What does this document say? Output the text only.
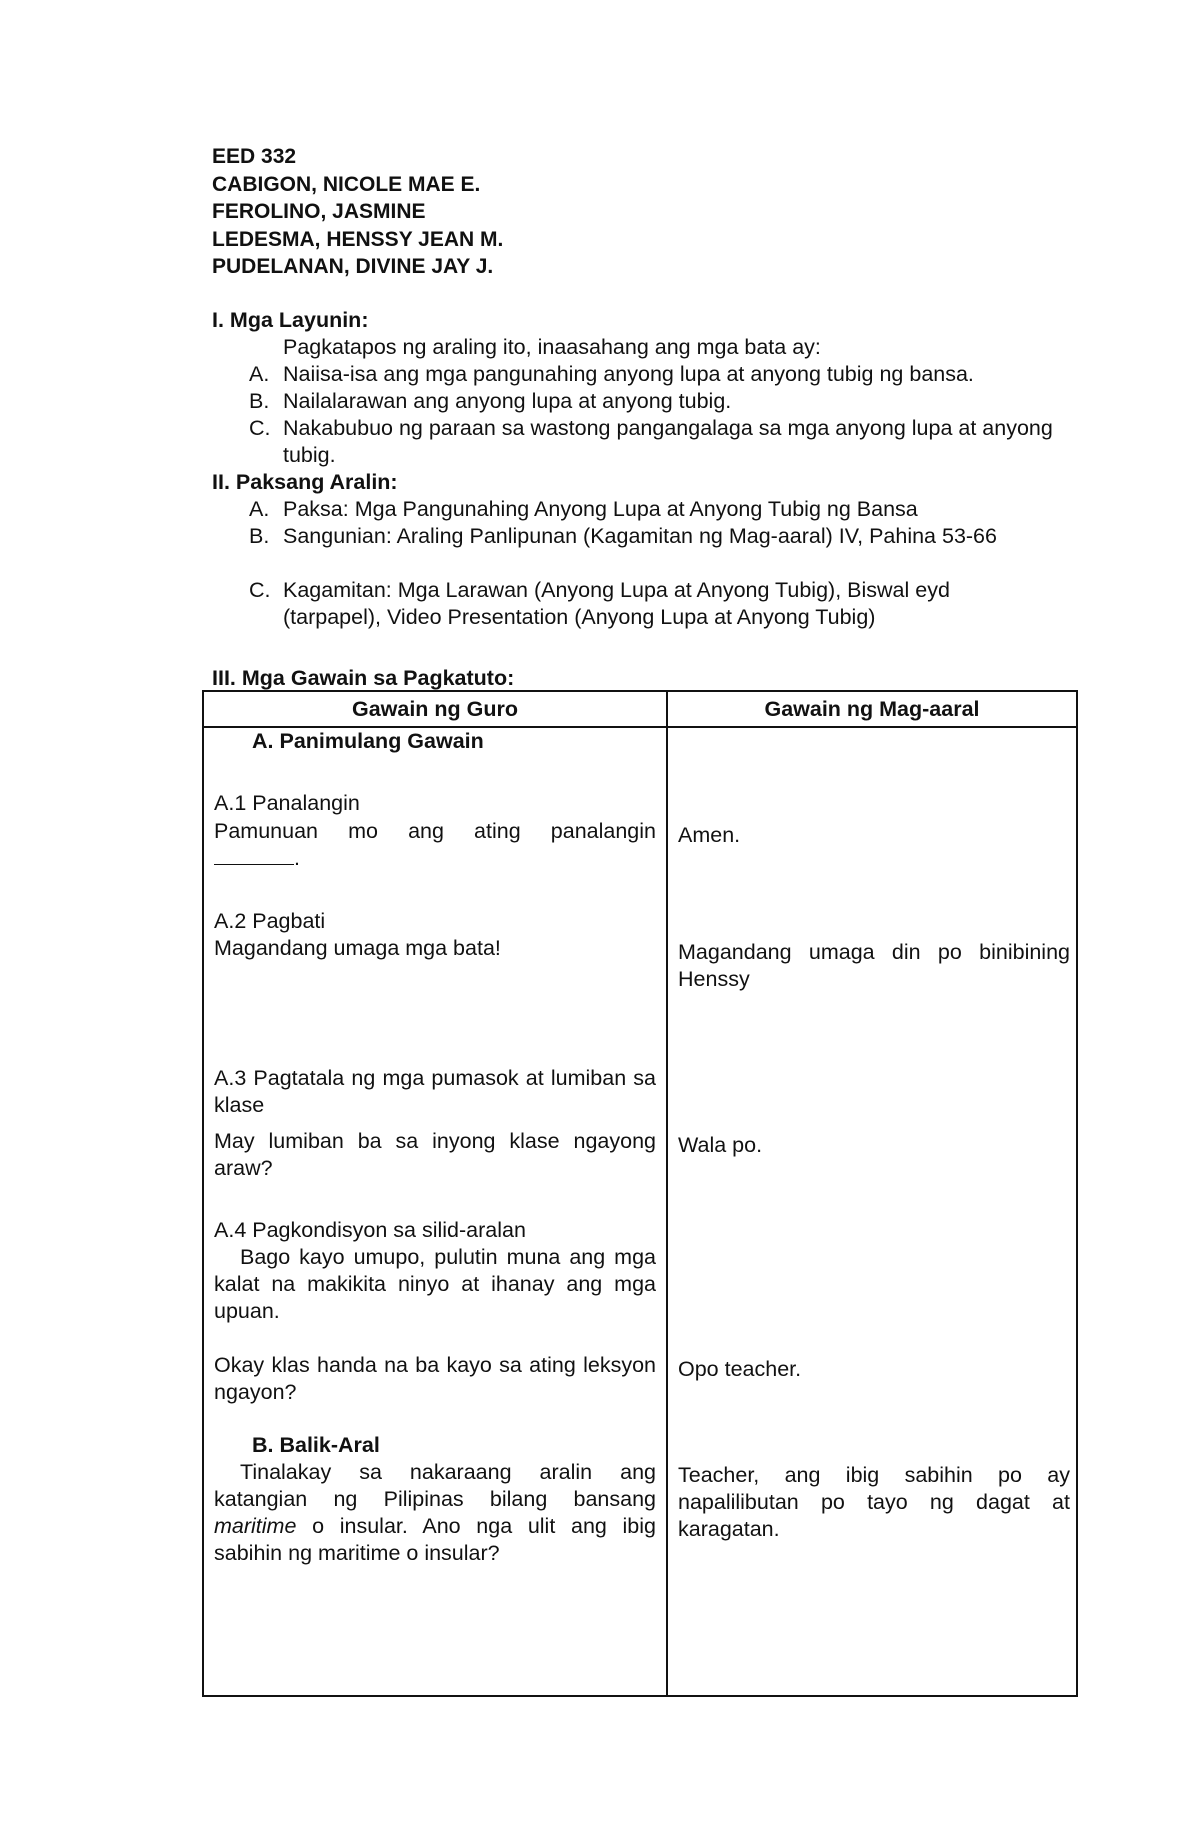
EED 332
CABIGON, NICOLE MAE E.
FEROLINO, JASMINE
LEDESMA, HENSSY JEAN M.
PUDELANAN, DIVINE JAY J.
I. Mga Layunin:
Pagkatapos ng araling ito, inaasahang ang mga bata ay:
A. Naiisa-isa ang mga pangunahing anyong lupa at anyong tubig ng bansa.
B. Nailalarawan ang anyong lupa at anyong tubig.
C. Nakabubuo ng paraan sa wastong pangangalaga sa mga anyong lupa at anyong tubig.
II. Paksang Aralin:
A. Paksa: Mga Pangunahing Anyong Lupa at Anyong Tubig ng Bansa
B. Sangunian: Araling Panlipunan (Kagamitan ng Mag-aaral) IV, Pahina 53-66
C. Kagamitan: Mga Larawan (Anyong Lupa at Anyong Tubig), Biswal eyd (tarpapel), Video Presentation (Anyong Lupa at Anyong Tubig)
III. Mga Gawain sa Pagkatuto:
Gawain ng Guro	Gawain ng Mag-aaral
A. Panimulang Gawain
A.1 Panalangin
Pamunuan mo ang ating panalangin
.
Amen.
A.2 Pagbati
Magandang umaga mga bata!	Magandang umaga din po binibining Henssy
A.3 Pagtatala ng mga pumasok at lumiban sa klase
May lumiban ba sa inyong klase ngayong araw?
Wala po.
A.4 Pagkondisyon sa silid-aralan
Bago kayo umupo, pulutin muna ang mga kalat na makikita ninyo at ihanay ang mga upuan.
Okay klas handa na ba kayo sa ating leksyon ngayon?
Opo teacher.
B. Balik-Aral
Tinalakay sa nakaraang aralin ang katangian ng Pilipinas bilang bansang maritime o insular. Ano nga ulit ang ibig sabihin ng maritime o insular?
Teacher, ang ibig sabihin po ay napalilibutan po tayo ng dagat at karagatan.
